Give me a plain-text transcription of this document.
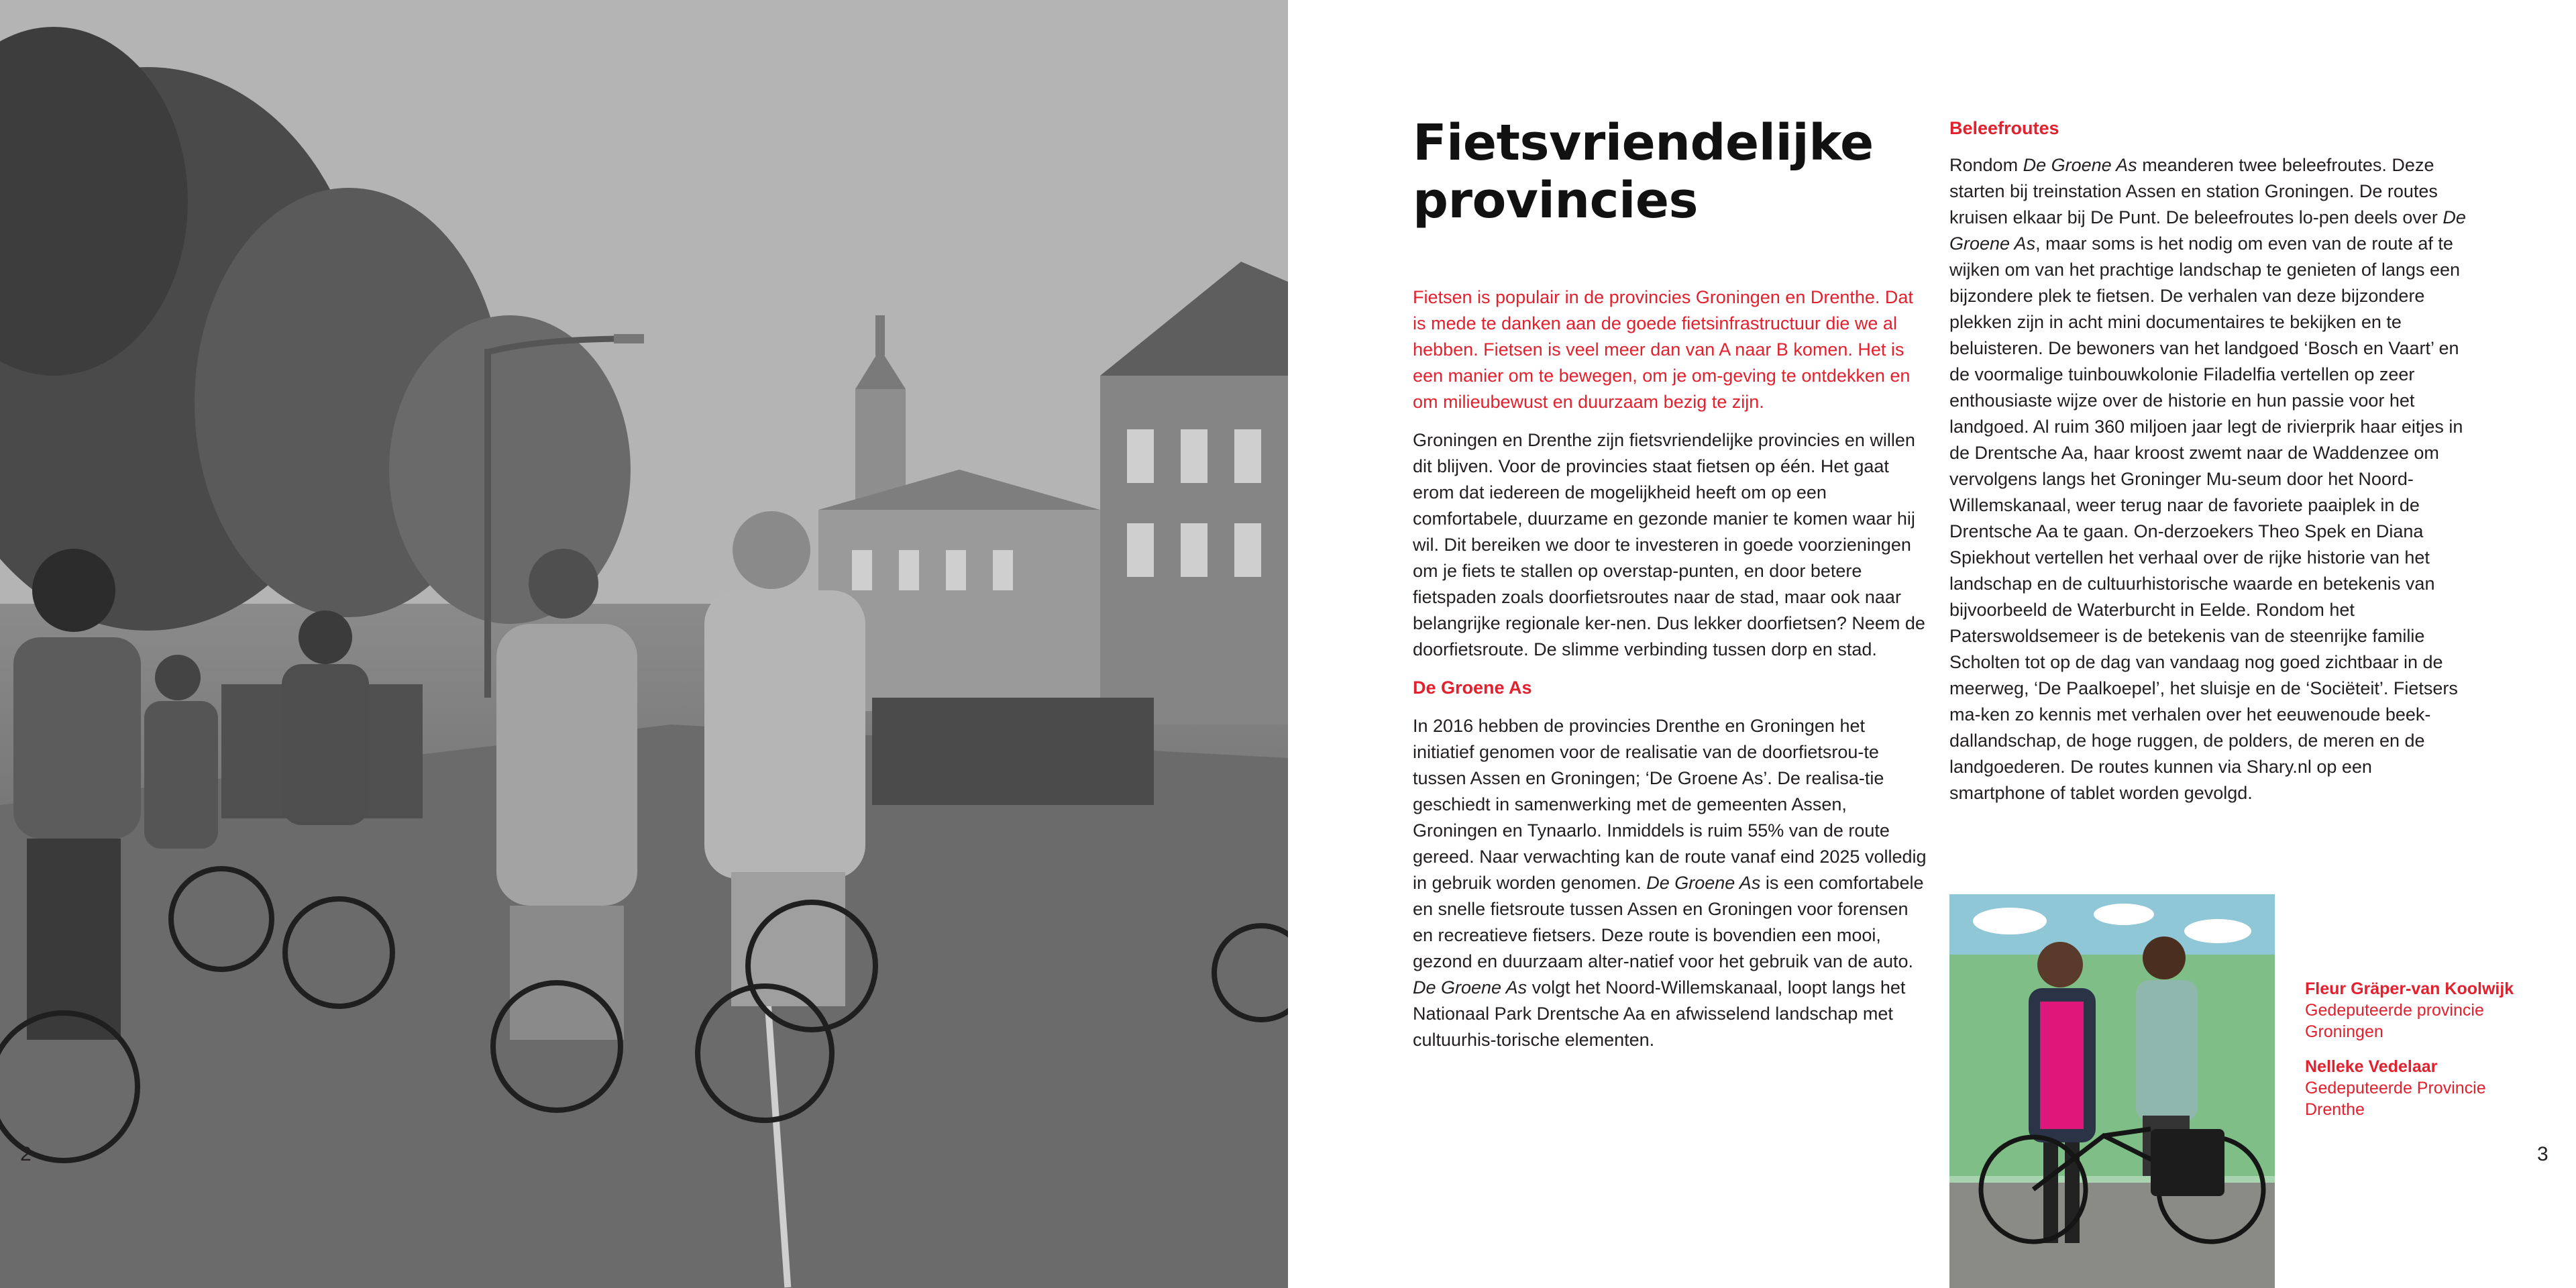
2
Fietsvriendelijke
provincies

Fietsen is populair in de provincies Groningen en Drenthe. Dat is mede te danken aan de goede fietsinfrastructuur die we al hebben. Fietsen is veel meer dan van A naar B komen. Het is een manier om te bewegen, om je om-geving te ontdekken en om milieubewust en duurzaam bezig te zijn.

Groningen en Drenthe zijn fietsvriendelijke provincies en willen dit blijven. Voor de provincies staat fietsen op één. Het gaat erom dat iedereen de mogelijkheid heeft om op een comfortabele, duurzame en gezonde manier te komen waar hij wil. Dit bereiken we door te investeren in goede voorzieningen om je fiets te stallen op overstap-punten, en door betere fietspaden zoals doorfietsroutes naar de stad, maar ook naar belangrijke regionale ker-nen. Dus lekker doorfietsen? Neem de doorfietsroute. De slimme verbinding tussen dorp en stad.

De Groene As

In 2016 hebben de provincies Drenthe en Groningen het initiatief genomen voor de realisatie van de doorfietsrou-te tussen Assen en Groningen; ‘De Groene As’. De realisa-tie geschiedt in samenwerking met de gemeenten Assen, Groningen en Tynaarlo. Inmiddels is ruim 55% van de route gereed. Naar verwachting kan de route vanaf eind 2025 volledig in gebruik worden genomen. De Groene As is een comfortabele en snelle fietsroute tussen Assen en Groningen voor forensen en recreatieve fietsers. Deze route is bovendien een mooi, gezond en duurzaam alter-natief voor het gebruik van de auto. De Groene As volgt het Noord-Willemskanaal, loopt langs het Nationaal Park Drentsche Aa en afwisselend landschap met cultuurhis-torische elementen.

Beleefroutes

Rondom De Groene As meanderen twee beleefroutes. Deze starten bij treinstation Assen en station Groningen. De routes kruisen elkaar bij De Punt. De beleefroutes lo-pen deels over De Groene As, maar soms is het nodig om even van de route af te wijken om van het prachtige landschap te genieten of langs een bijzondere plek te fietsen. De verhalen van deze bijzondere plekken zijn in acht mini documentaires te bekijken en te beluisteren. De bewoners van het landgoed ‘Bosch en Vaart’ en de voormalige tuinbouwkolonie Filadelfia vertellen op zeer enthousiaste wijze over de historie en hun passie voor het landgoed. Al ruim 360 miljoen jaar legt de rivierprik haar eitjes in de Drentsche Aa, haar kroost zwemt naar de Waddenzee om vervolgens langs het Groninger Mu-seum door het Noord-Willemskanaal, weer terug naar de favoriete paaiplek in de Drentsche Aa te gaan. On-derzoekers Theo Spek en Diana Spiekhout vertellen het verhaal over de rijke historie van het landschap en de cultuurhistorische waarde en betekenis van bijvoorbeeld de Waterburcht in Eelde. Rondom het Paterswoldsemeer is de betekenis van de steenrijke familie Scholten tot op de dag van vandaag nog goed zichtbaar in de meerweg, ‘De Paalkoepel’, het sluisje en de ‘Sociëteit’. Fietsers ma-ken zo kennis met verhalen over het eeuwenoude beek-dallandschap, de hoge ruggen, de polders, de meren en de landgoederen. De routes kunnen via Shary.nl op een smartphone of tablet worden gevolgd.

Fleur Gräper-van Koolwijk
Gedeputeerde provincie Groningen
Nelleke Vedelaar
Gedeputeerde Provincie Drenthe
3
